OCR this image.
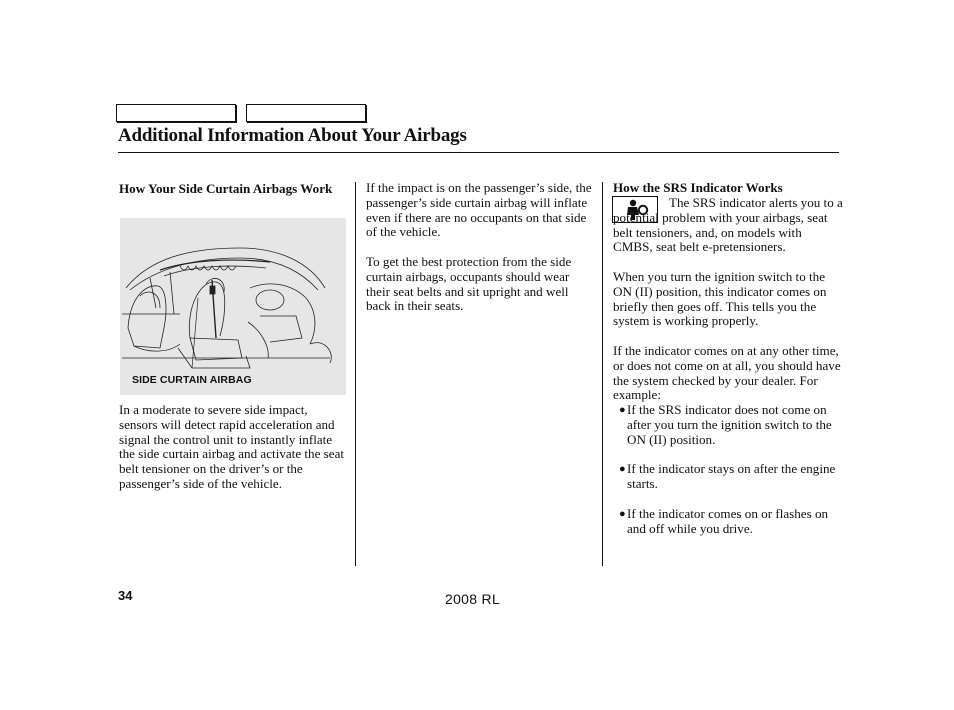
Additional Information About Your Airbags
How Your Side Curtain Airbags Work
SIDE CURTAIN AIRBAG

In a moderate to severe side impact, sensors will detect rapid acceleration and signal the control unit to instantly inflate the side curtain airbag and activate the seat belt tensioner on the driver’s or the passenger’s side of the vehicle.

If the impact is on the passenger’s side, the passenger’s side curtain airbag will inflate even if there are no occupants on that side of the vehicle.

To get the best protection from the side curtain airbags, occupants should wear their seat belts and sit upright and well back in their seats.

How the SRS Indicator Works

The SRS indicator alerts you to a potential problem with your airbags, seat belt tensioners, and, on models with CMBS, seat belt e-pretensioners.

When you turn the ignition switch to the ON (II) position, this indicator comes on briefly then goes off. This tells you the system is working properly.

If the indicator comes on at any other time, or does not come on at all, you should have the system checked by your dealer. For example:

● If the SRS indicator does not come on after you turn the ignition switch to the ON (II) position.
● If the indicator stays on after the engine starts.
● If the indicator comes on or flashes on and off while you drive.
34	2008 RL
